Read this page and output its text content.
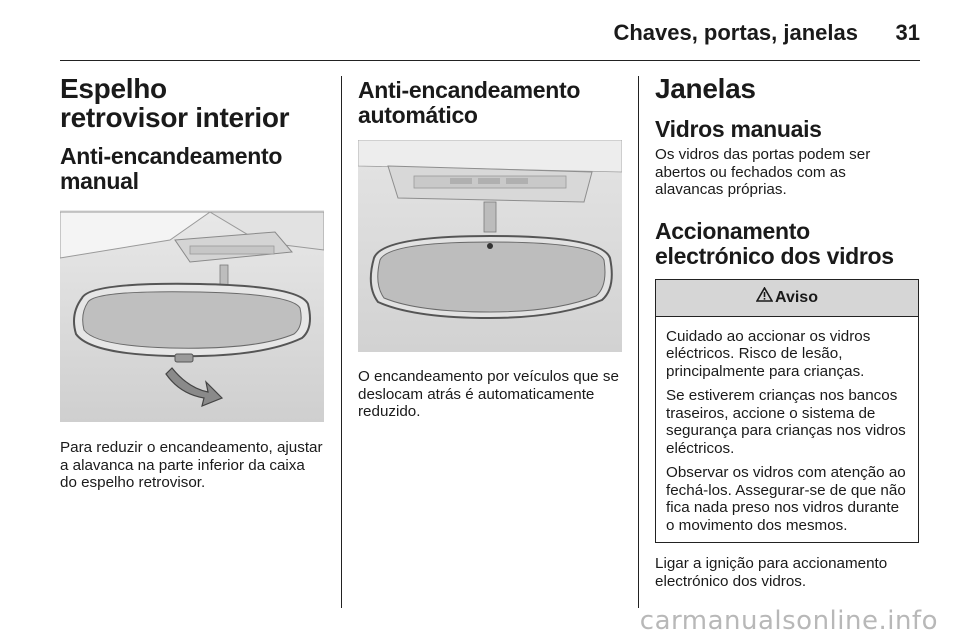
Chaves, portas, janelas 31
Espelho retrovisor interior
Anti-encandeamento manual

Para reduzir o encandeamento, ajustar a alavanca na parte inferior da caixa do espelho retrovisor.

Anti-encandeamento automático

O encandeamento por veículos que se deslocam atrás é automaticamente reduzido.

Janelas
Vidros manuais

Os vidros das portas podem ser abertos ou fechados com as alavancas próprias.

Accionamento electrónico dos vidros
Aviso

Cuidado ao accionar os vidros eléctricos. Risco de lesão, principalmente para crianças.

Se estiverem crianças nos bancos traseiros, accione o sistema de segurança para crianças nos vidros eléctricos.

Observar os vidros com atenção ao fechá-los. Assegurar-se de que não fica nada preso nos vidros durante o movimento dos mesmos.

Ligar a ignição para accionamento electrónico dos vidros.

carmanualsonline.info
